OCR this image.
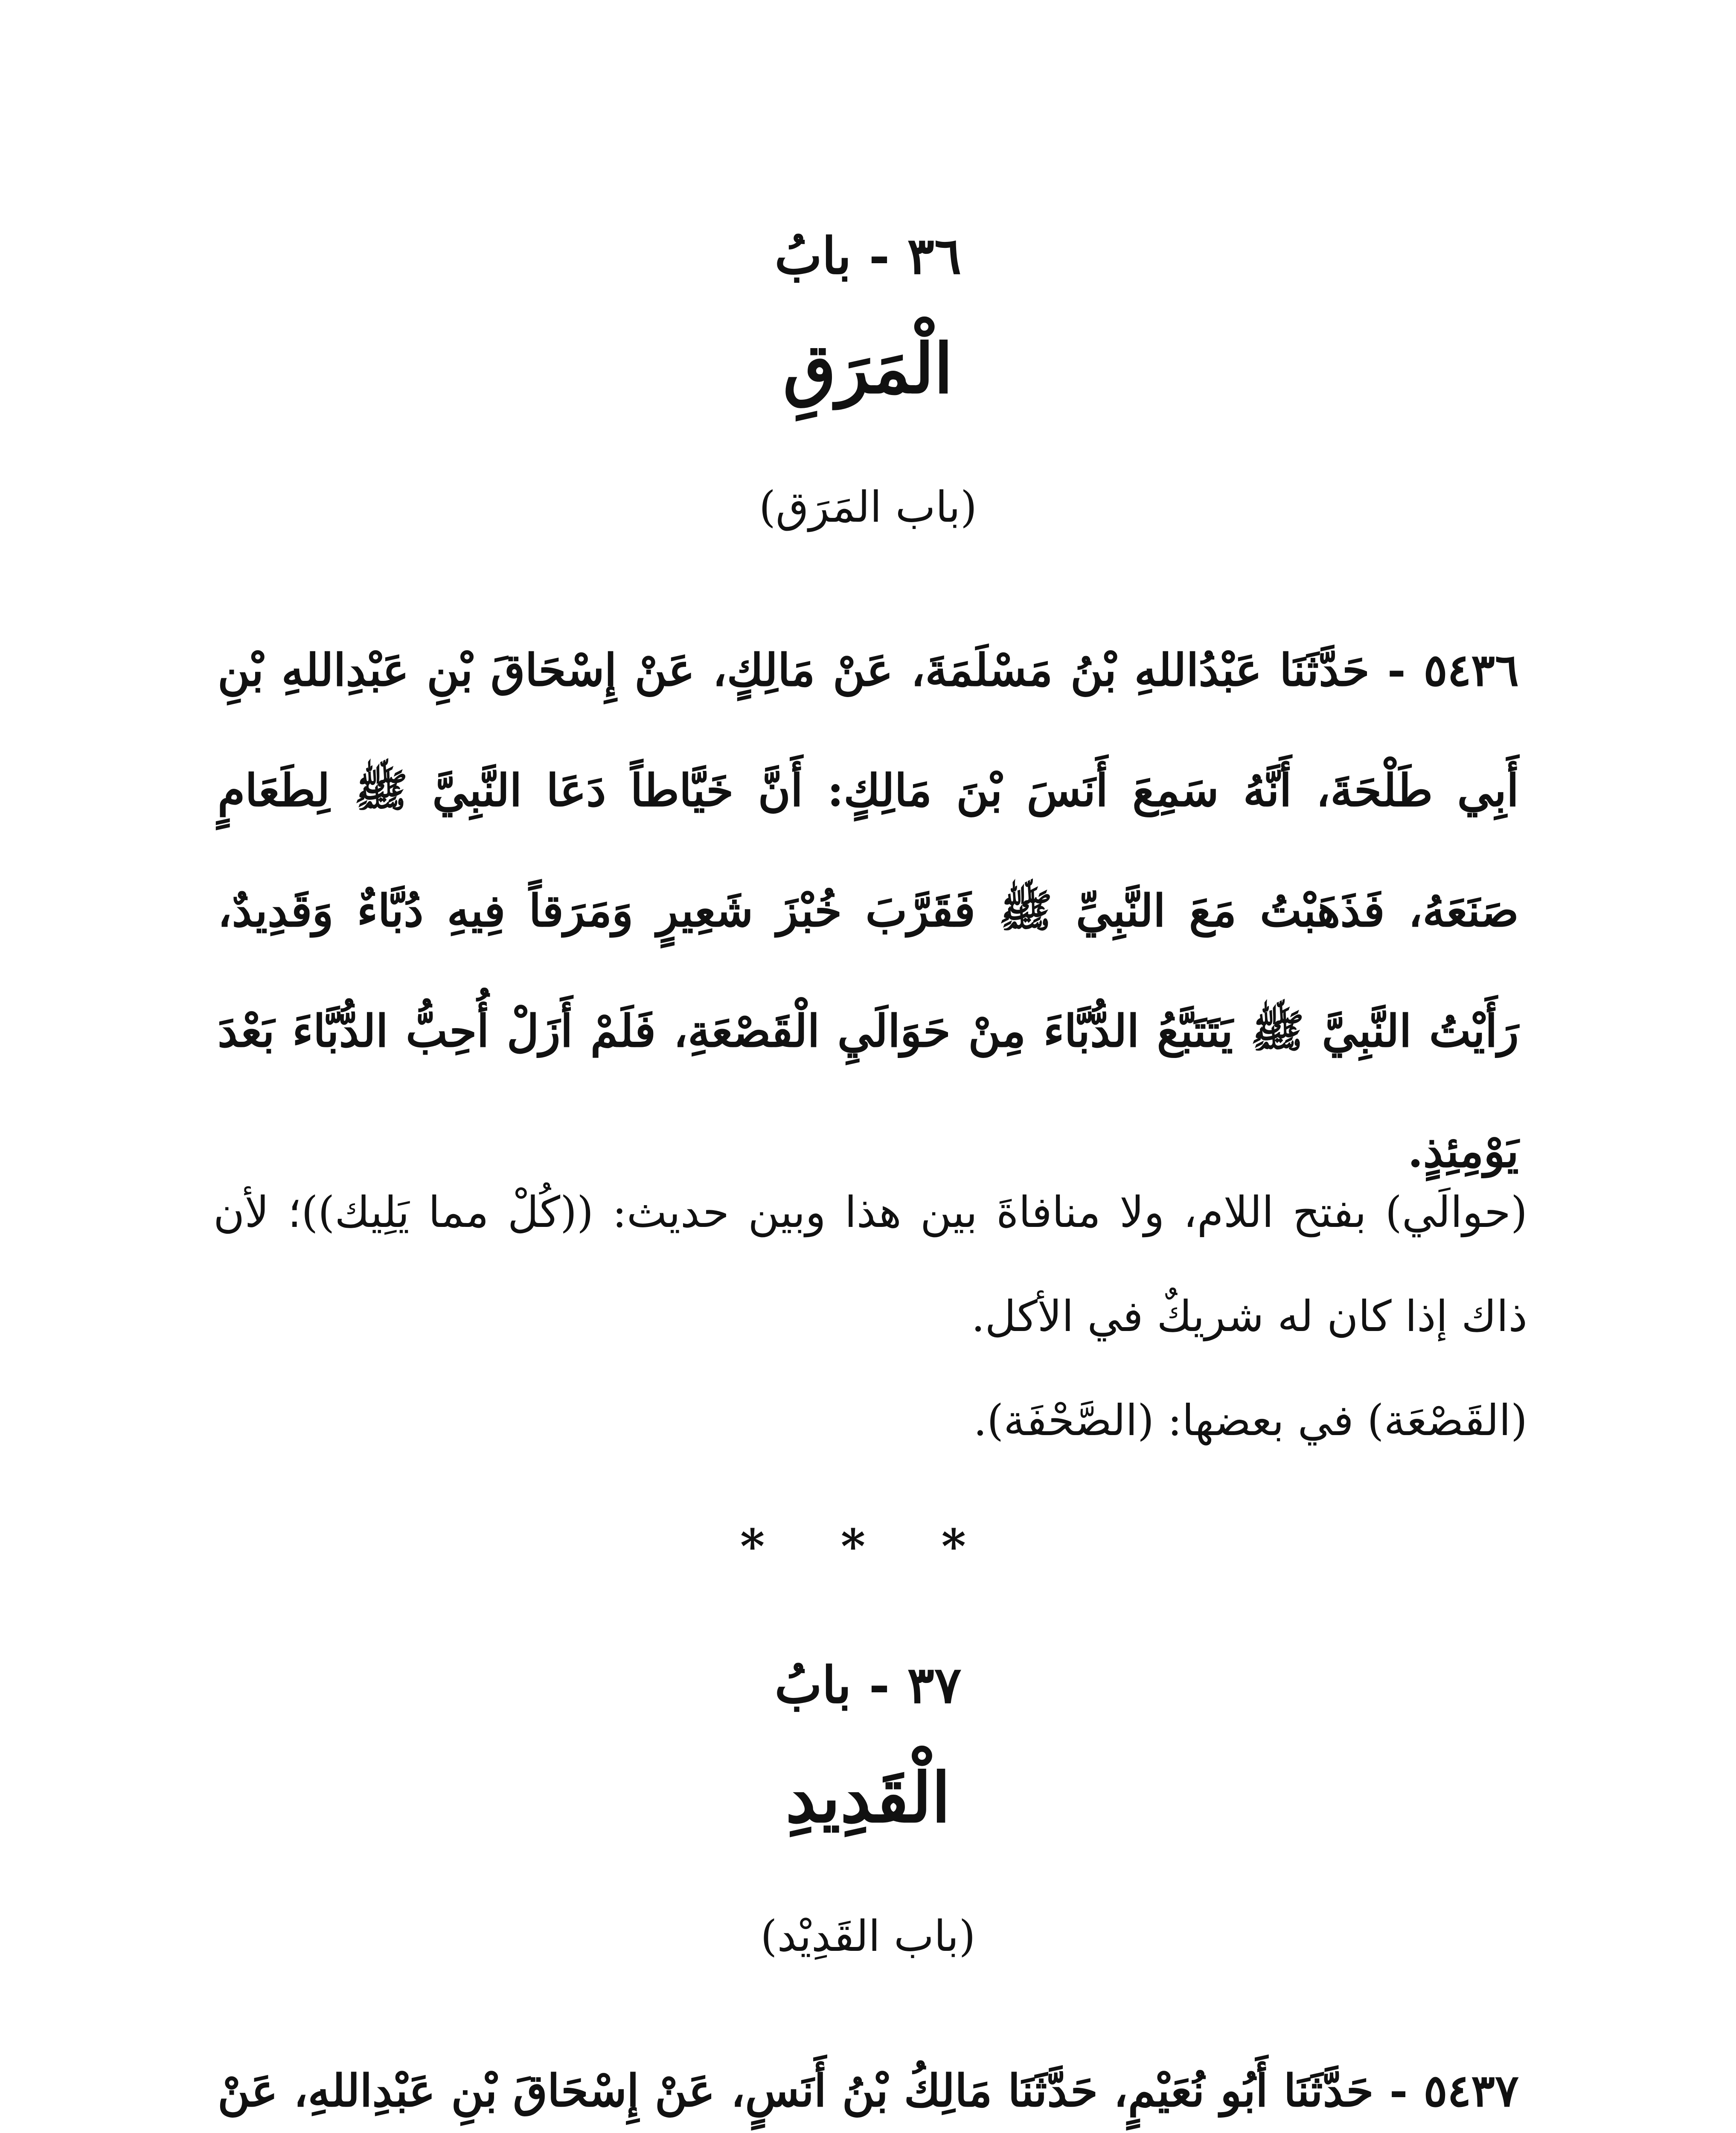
٣٦ - بابُ
الْمَرَقِ
(باب المَرَق)
٥٤٣٦ - حَدَّثَنَا عَبْدُاللهِ بْنُ مَسْلَمَةَ، عَنْ مَالِكٍ، عَنْ إِسْحَاقَ بْنِ عَبْدِاللهِ بْنِ أَبِي طَلْحَةَ، أَنَّهُ سَمِعَ أَنَسَ بْنَ مَالِكٍ: أَنَّ خَيَّاطاً دَعَا النَّبِيَّ ﷺ لِطَعَامٍ صَنَعَهُ، فَذَهَبْتُ مَعَ النَّبِيِّ ﷺ فَقَرَّبَ خُبْزَ شَعِيرٍ وَمَرَقاً فِيهِ دُبَّاءٌ وَقَدِيدٌ، رَأَيْتُ النَّبِيَّ ﷺ يَتَتَبَّعُ الدُّبَّاءَ مِنْ حَوَالَيِ الْقَصْعَةِ، فَلَمْ أَزَلْ أُحِبُّ الدُّبَّاءَ بَعْدَ يَوْمِئِذٍ.

(حوالَي) بفتح اللام، ولا منافاةَ بين هذا وبين حديث: ((كُلْ مما يَلِيك))؛ لأن ذاك إذا كان له شريكٌ في الأكل.

(القَصْعَة) في بعضها: (الصَّحْفَة).

* * *
٣٧ - بابُ
الْقَدِيدِ
(باب القَدِيْد)
٥٤٣٧ - حَدَّثَنَا أَبُو نُعَيْمٍ، حَدَّثَنَا مَالِكُ بْنُ أَنَسٍ، عَنْ إِسْحَاقَ بْنِ عَبْدِاللهِ، عَنْ
